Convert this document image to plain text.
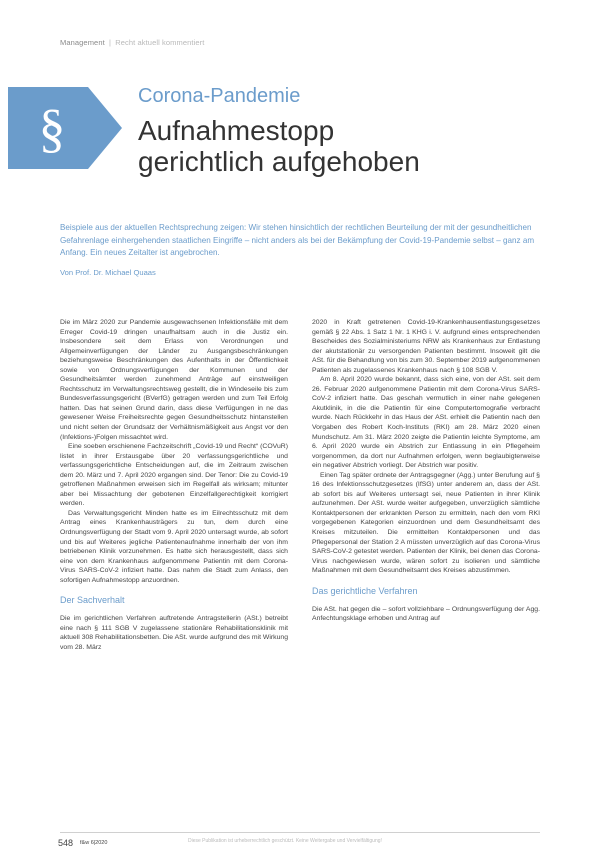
Management | Recht aktuell kommentiert
§
Corona-Pandemie
Aufnahmestopp
gerichtlich aufgehoben

Beispiele aus der aktuellen Rechtsprechung zeigen: Wir stehen hinsichtlich der rechtlichen Beurteilung der mit der gesundheitlichen Gefahrenlage einhergehenden staatlichen Eingriffe – nicht anders als bei der Bekämpfung der Covid-19-Pandemie selbst – ganz am Anfang. Ein neues Zeitalter ist angebrochen.

Von Prof. Dr. Michael Quaas

Die im März 2020 zur Pandemie ausgewachsenen Infektionsfälle mit dem Erreger Covid-19 dringen unaufhaltsam auch in die Justiz ein. Insbesondere seit dem Erlass von Verordnungen und Allgemeinverfügungen der Länder zu Ausgangsbeschränkungen beziehungsweise Beschränkungen des Aufenthalts in der Öffentlichkeit sowie von Ordnungsverfügungen der Kommunen und der Gesundheitsämter werden zunehmend Anträge auf einstweiligen Rechtsschutz im Verwaltungsrechtsweg gestellt, die in Windeseile bis zum Bundesverfassungsgericht (BVerfG) getragen werden und zum Teil Erfolg hatten. Das hat seinen Grund darin, dass diese Verfügungen in ne das gewesener Weise Freiheitsrechte gegen Gesundheitsschutz hintanstellen und nicht selten der Grundsatz der Verhältnismäßigkeit aus Angst vor den (Infektions-)Folgen missachtet wird.

Eine soeben erschienene Fachzeitschrift „Covid-19 und Recht“ (COVuR) listet in ihrer Erstausgabe über 20 verfassungsgerichtliche und verfassungsgerichtliche Entscheidungen auf, die im Zeitraum zwischen dem 20. März und 7. April 2020 ergangen sind. Der Tenor: Die zu Covid-19 getroffenen Maßnahmen erweisen sich im Regelfall als wirksam; mitunter aber bei Missachtung der gebotenen Einzelfallgerechtigkeit korrigiert werden.

Das Verwaltungsgericht Minden hatte es im Eilrechtsschutz mit dem Antrag eines Krankenhausträgers zu tun, dem durch eine Ordnungsverfügung der Stadt vom 9. April 2020 untersagt wurde, ab sofort und bis auf Weiteres jegliche Patientenaufnahme innerhalb der von ihm betriebenen Klinik vorzunehmen. Es hatte sich herausgestellt, dass sich eine von dem Krankenhaus aufgenommene Patientin mit dem Corona-Virus SARS-CoV-2 infiziert hatte. Das nahm die Stadt zum Anlass, den sofortigen Aufnahmestopp anzuordnen.

Der Sachverhalt

Die im gerichtlichen Verfahren auftretende Antragstellerin (ASt.) betreibt eine nach § 111 SGB V zugelassene stationäre Rehabilitationsklinik mit aktuell 308 Rehabilitationsbetten. Die ASt. wurde aufgrund des mit Wirkung vom 28. März

2020 in Kraft getretenen Covid-19-Krankenhausentlastungsgesetzes gemäß § 22 Abs. 1 Satz 1 Nr. 1 KHG i. V. aufgrund eines entsprechenden Bescheides des Sozialministeriums NRW als Krankenhaus zur Entlastung der akutstationär zu versorgenden Patienten bestimmt. Insoweit gilt die ASt. für die Behandlung von bis zum 30. September 2019 aufgenommenen Patienten als zugelassenes Krankenhaus nach § 108 SGB V.

Am 8. April 2020 wurde bekannt, dass sich eine, von der ASt. seit dem 26. Februar 2020 aufgenommene Patientin mit dem Corona-Virus SARS-CoV-2 infiziert hatte. Das geschah vermutlich in einer nahe gelegenen Akutklinik, in die die Patientin für eine Computertomografie verbracht wurde. Nach Rückkehr in das Haus der ASt. erhielt die Patientin nach den Vorgaben des Robert Koch-Instituts (RKI) am 28. März 2020 einen Mundschutz. Am 31. März 2020 zeigte die Patientin leichte Symptome, am 6. April 2020 wurde ein Abstrich zur Entlassung in ein Pflegeheim vorgenommen, da dort nur Aufnahmen erfolgen, wenn beglaubigterweise ein negativer Abstrich vorliegt. Der Abstrich war positiv.

Einen Tag später ordnete der Antragsgegner (Agg.) unter Berufung auf § 16 des Infektionsschutzgesetzes (IfSG) unter anderem an, dass der ASt. ab sofort bis auf Weiteres untersagt sei, neue Patienten in ihrer Klinik aufzunehmen. Der ASt. wurde weiter aufgegeben, unverzüglich sämtliche Kontaktpersonen der erkrankten Person zu ermitteln, nach den vom RKI vorgegebenen Kategorien einzuordnen und dem Gesundheitsamt des Kreises mitzuteilen. Die ermittelten Kontaktpersonen und das Pflegepersonal der Station 2 A müssten unverzüglich auf das Corona-Virus SARS-CoV-2 getestet werden. Patienten der Klinik, bei denen das Corona-Virus nachgewiesen wurde, wären sofort zu isolieren und sämtliche Maßnahmen mit dem Gesundheitsamt des Kreises abzustimmen.

Das gerichtliche Verfahren

Die ASt. hat gegen die – sofort vollziehbare – Ordnungsverfügung der Agg. Anfechtungsklage erhoben und Antrag auf

548 f&w 6|2020	Diese Publikation ist urheberrechtlich geschützt. Keine Weitergabe und Vervielfältigung!
